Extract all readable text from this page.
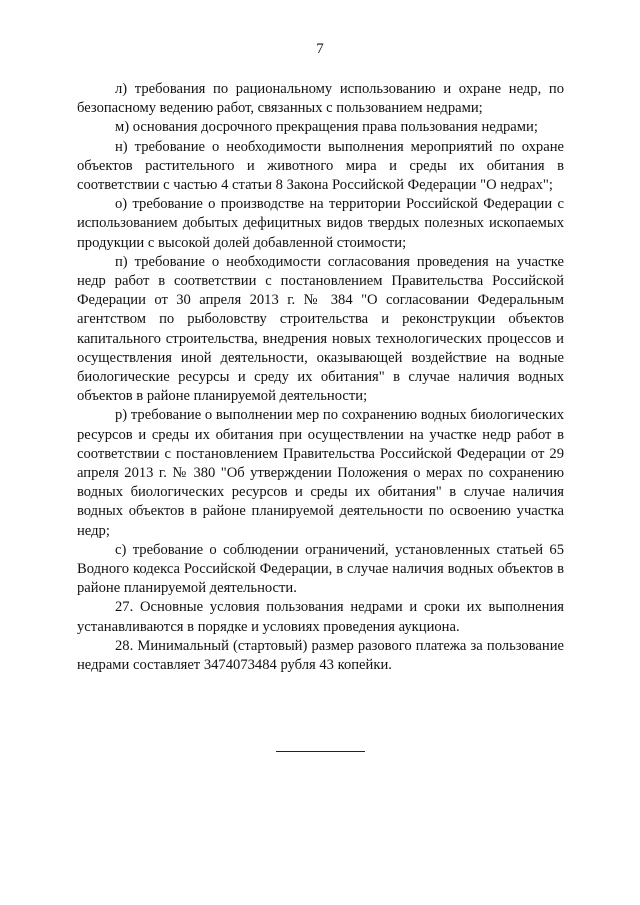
7

л) требования по рациональному использованию и охране недр, по безопасному ведению работ, связанных с пользованием недрами;

м) основания досрочного прекращения права пользования недрами;

н) требование о необходимости выполнения мероприятий по охране объектов растительного и животного мира и среды их обитания в соответствии с частью 4 статьи 8 Закона Российской Федерации "О недрах";

о) требование о производстве на территории Российской Федерации с использованием добытых дефицитных видов твердых полезных ископаемых продукции с высокой долей добавленной стоимости;

п) требование о необходимости согласования проведения на участке недр работ в соответствии с постановлением Правительства Российской Федерации от 30 апреля 2013 г. № 384 "О согласовании Федеральным агентством по рыболовству строительства и реконструкции объектов капитального строительства, внедрения новых технологических процессов и осуществления иной деятельности, оказывающей воздействие на водные биологические ресурсы и среду их обитания" в случае наличия водных объектов в районе планируемой деятельности;

р) требование о выполнении мер по сохранению водных биологических ресурсов и среды их обитания при осуществлении на участке недр работ в соответствии с постановлением Правительства Российской Федерации от 29 апреля 2013 г. № 380 "Об утверждении Положения о мерах по сохранению водных биологических ресурсов и среды их обитания" в случае наличия водных объектов в районе планируемой деятельности по освоению участка недр;

с) требование о соблюдении ограничений, установленных статьей 65 Водного кодекса Российской Федерации, в случае наличия водных объектов в районе планируемой деятельности.

27. Основные условия пользования недрами и сроки их выполнения устанавливаются в порядке и условиях проведения аукциона.

28. Минимальный (стартовый) размер разового платежа за пользование недрами составляет 3474073484 рубля 43 копейки.
